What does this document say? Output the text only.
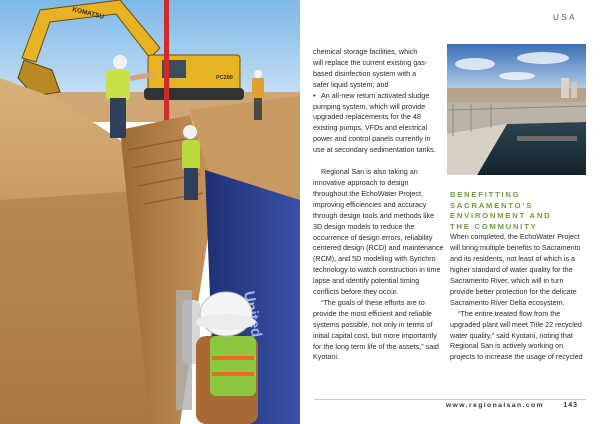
KOMATSU
PC200
USA

chemical storage facilities, which

will replace the current existing gas-

based disinfection system with a

safer liquid system; and

• An all-new return activated sludge pumping system, which will provide upgraded replacements for the 48 existing pumps, VFDs and electrical power and control panels currently in use at secondary sedimentation tanks.

Regional San is also taking an innovative approach to design throughout the EchoWater Project, improving efficiencies and accuracy through design tools and methods like 3D design models to reduce the occurrence of design errors, reliability centered design (RCD) and maintenance (RCM), and 5D modeling with Synchro technology to watch construction in time lapse and identify potential timing conflicts before they occur.

“The goals of these efforts are to provide the most efficient and reliable systems possible, not only in terms of initial capital cost, but more importantly for the long term life of the assets,” said Kyotani.

BENEFITTING

SACRAMENTO’S

ENVIRONMENT AND

THE COMMUNITY

When completed, the EchoWater Project will bring multiple benefits to Sacramento and its residents, not least of which is a higher standard of water quality for the Sacramento River, which will in turn provide better protection for the delicate Sacramento River Delta ecosystem.

“The entire treated flow from the upgraded plant will meet Title 22 recycled water quality,” said Kyotani, noting that Regional San is actively working on projects to increase the usage of recycled

www.regionalsan.com	143
